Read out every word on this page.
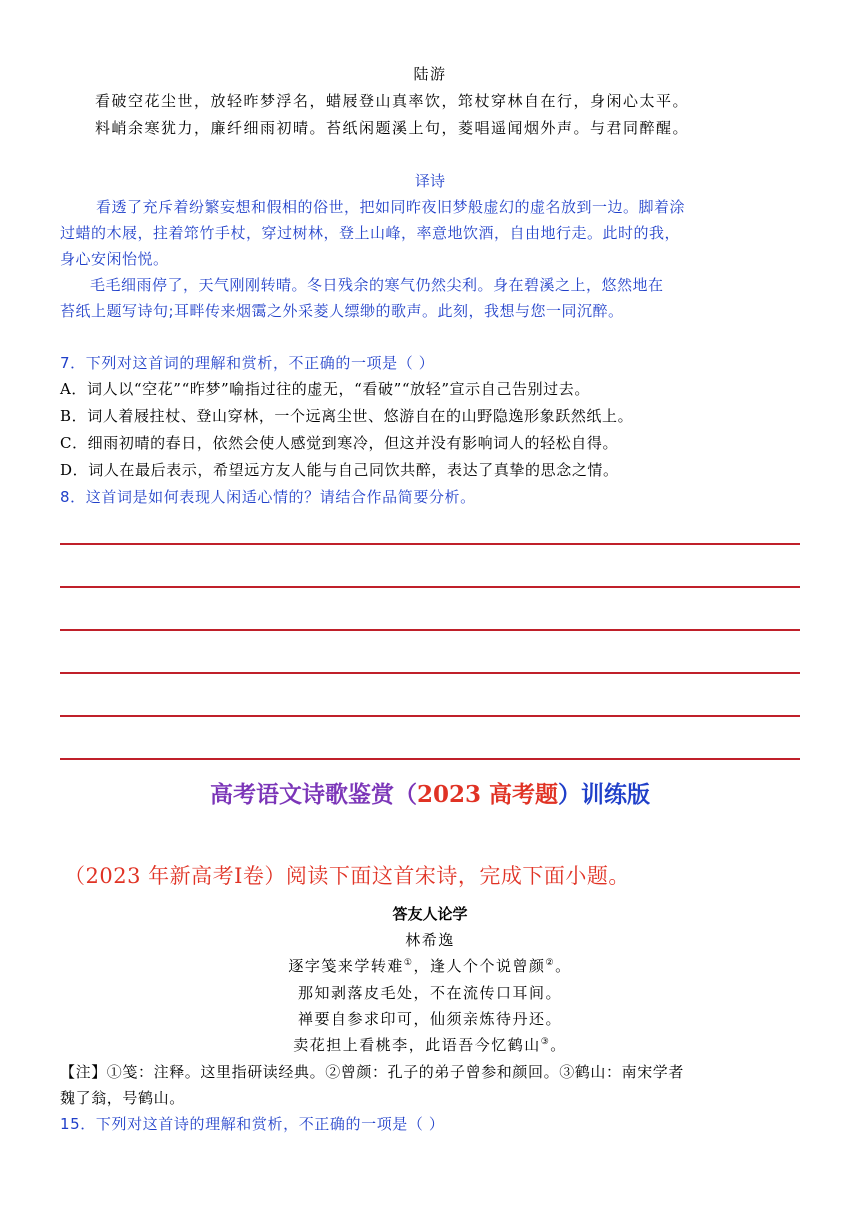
陆游
看破空花尘世，放轻昨梦浮名，蜡屐登山真率饮，筇杖穿林自在行，身闲心太平。
料峭余寒犹力，廉纤细雨初晴。苔纸闲题溪上句，菱唱遥闻烟外声。与君同醉醒。
译诗
看透了充斥着纷繁妄想和假相的俗世，把如同昨夜旧梦般虚幻的虚名放到一边。脚着涂
过蜡的木屐，拄着筇竹手杖，穿过树林，登上山峰，率意地饮酒，自由地行走。此时的我，
身心安闲怡悦。
毛毛细雨停了，天气刚刚转晴。冬日残余的寒气仍然尖利。身在碧溪之上，悠然地在
苔纸上题写诗句;耳畔传来烟霭之外采菱人缥缈的歌声。此刻，我想与您一同沉醉。
7．下列对这首词的理解和赏析，不正确的一项是（ ）
A．词人以“空花”“昨梦”喻指过往的虚无，“看破”“放轻”宣示自己告别过去。
B．词人着屐拄杖、登山穿林，一个远离尘世、悠游自在的山野隐逸形象跃然纸上。
C．细雨初晴的春日，依然会使人感觉到寒冷，但这并没有影响词人的轻松自得。
D．词人在最后表示，希望远方友人能与自己同饮共醉，表达了真挚的思念之情。
8．这首词是如何表现人闲适心情的？请结合作品简要分析。
高考语文诗歌鉴赏（2023 高考题）训练版
（2023 年新高考Ⅰ卷）阅读下面这首宋诗，完成下面小题。
答友人论学
林希逸
逐字笺来学转难①，逢人个个说曾颜②。
那知剥落皮毛处，不在流传口耳间。
禅要自参求印可，仙须亲炼待丹还。
卖花担上看桃李，此语吾今忆鹤山③。
【注】①笺：注释。这里指研读经典。②曾颜：孔子的弟子曾参和颜回。③鹤山：南宋学者
魏了翁，号鹤山。
15．下列对这首诗的理解和赏析，不正确的一项是（ ）
